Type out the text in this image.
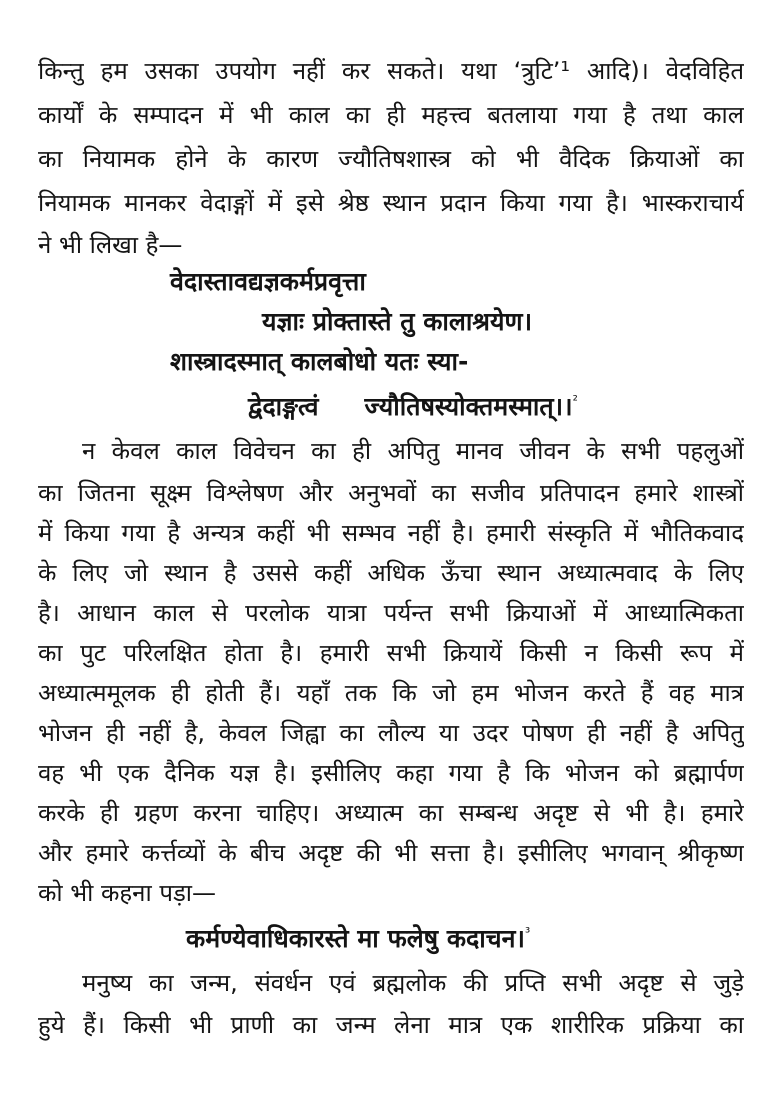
किन्तु हम उसका उपयोग नहीं कर सकते। यथा ‘त्रुटि’¹ आदि)। वेदविहित
कार्यों के सम्पादन में भी काल का ही महत्त्व बतलाया गया है तथा काल
का नियामक होने के कारण ज्यौतिषशास्त्र को भी वैदिक क्रियाओं का
नियामक मानकर वेदाङ्गों में इसे श्रेष्ठ स्थान प्रदान किया गया है। भास्कराचार्य
ने भी लिखा है—
वेदास्तावद्यज्ञकर्मप्रवृत्ता
यज्ञाः प्रोक्तास्ते तु कालाश्रयेण।
शास्त्रादस्मात् कालबोधो यतः स्या-
द्वेदाङ्गत्वं ज्यौतिषस्योक्तमस्मात्।।$^{^2}$
न केवल काल विवेचन का ही अपितु मानव जीवन के सभी पहलुओं
का जितना सूक्ष्म विश्लेषण और अनुभवों का सजीव प्रतिपादन हमारे शास्त्रों
में किया गया है अन्यत्र कहीं भी सम्भव नहीं है। हमारी संस्कृति में भौतिकवाद
के लिए जो स्थान है उससे कहीं अधिक ऊँचा स्थान अध्यात्मवाद के लिए
है। आधान काल से परलोक यात्रा पर्यन्त सभी क्रियाओं में आध्यात्मिकता
का पुट परिलक्षित होता है। हमारी सभी क्रियायें किसी न किसी रूप में
अध्यात्ममूलक ही होती हैं। यहाँ तक कि जो हम भोजन करते हैं वह मात्र
भोजन ही नहीं है, केवल जिह्वा का लौल्य या उदर पोषण ही नहीं है अपितु
वह भी एक दैनिक यज्ञ है। इसीलिए कहा गया है कि भोजन को ब्रह्मार्पण
करके ही ग्रहण करना चाहिए। अध्यात्म का सम्बन्ध अदृष्ट से भी है। हमारे
और हमारे कर्त्तव्यों के बीच अदृष्ट की भी सत्ता है। इसीलिए भगवान् श्रीकृष्ण
को भी कहना पड़ा—
कर्मण्येवाधिकारस्ते मा फलेषु कदाचन।$^{^3}$
मनुष्य का जन्म, संवर्धन एवं ब्रह्मलोक की प्रप्ति सभी अदृष्ट से जुड़े
हुये हैं। किसी भी प्राणी का जन्म लेना मात्र एक शारीरिक प्रक्रिया का
